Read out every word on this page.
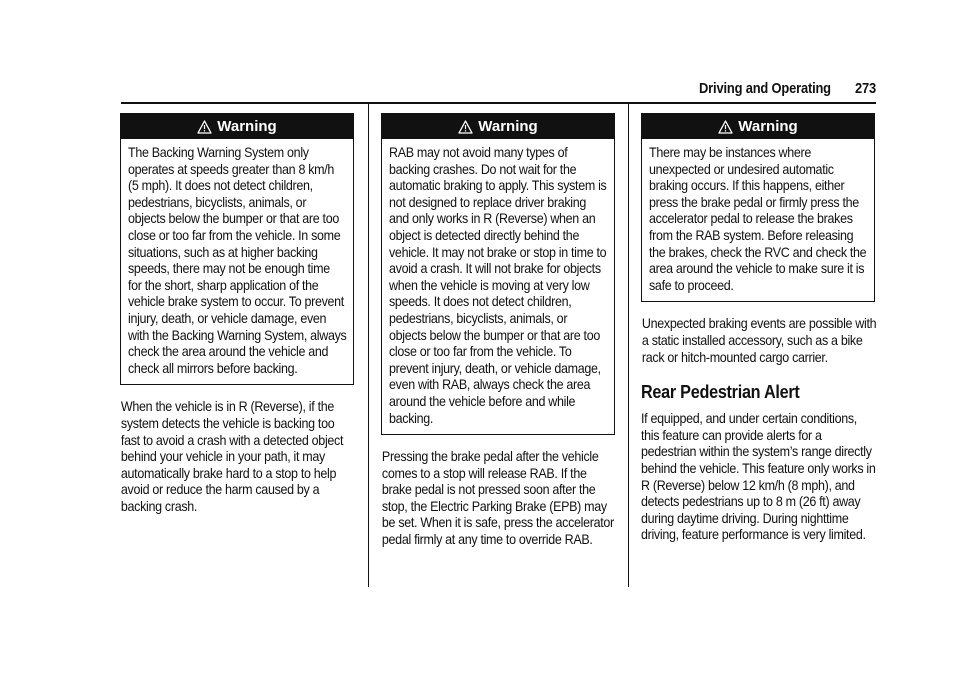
Driving and Operating 273
Warning
The Backing Warning System only operates at speeds greater than 8 km/h (5 mph). It does not detect children, pedestrians, bicyclists, animals, or objects below the bumper or that are too close or too far from the vehicle. In some situations, such as at higher backing speeds, there may not be enough time for the short, sharp application of the vehicle brake system to occur. To prevent injury, death, or vehicle damage, even with the Backing Warning System, always check the area around the vehicle and check all mirrors before backing.
When the vehicle is in R (Reverse), if the system detects the vehicle is backing too fast to avoid a crash with a detected object behind your vehicle in your path, it may automatically brake hard to a stop to help avoid or reduce the harm caused by a backing crash.
Warning
RAB may not avoid many types of backing crashes. Do not wait for the automatic braking to apply. This system is not designed to replace driver braking and only works in R (Reverse) when an object is detected directly behind the vehicle. It may not brake or stop in time to avoid a crash. It will not brake for objects when the vehicle is moving at very low speeds. It does not detect children, pedestrians, bicyclists, animals, or objects below the bumper or that are too close or too far from the vehicle. To prevent injury, death, or vehicle damage, even with RAB, always check the area around the vehicle before and while backing.
Pressing the brake pedal after the vehicle comes to a stop will release RAB. If the brake pedal is not pressed soon after the stop, the Electric Parking Brake (EPB) may be set. When it is safe, press the accelerator pedal firmly at any time to override RAB.
Warning
There may be instances where unexpected or undesired automatic braking occurs. If this happens, either press the brake pedal or firmly press the accelerator pedal to release the brakes from the RAB system. Before releasing the brakes, check the RVC and check the area around the vehicle to make sure it is safe to proceed.
Unexpected braking events are possible with a static installed accessory, such as a bike rack or hitch-mounted cargo carrier.
Rear Pedestrian Alert
If equipped, and under certain conditions, this feature can provide alerts for a pedestrian within the system’s range directly behind the vehicle. This feature only works in R (Reverse) below 12 km/h (8 mph), and detects pedestrians up to 8 m (26 ft) away during daytime driving. During nighttime driving, feature performance is very limited.
